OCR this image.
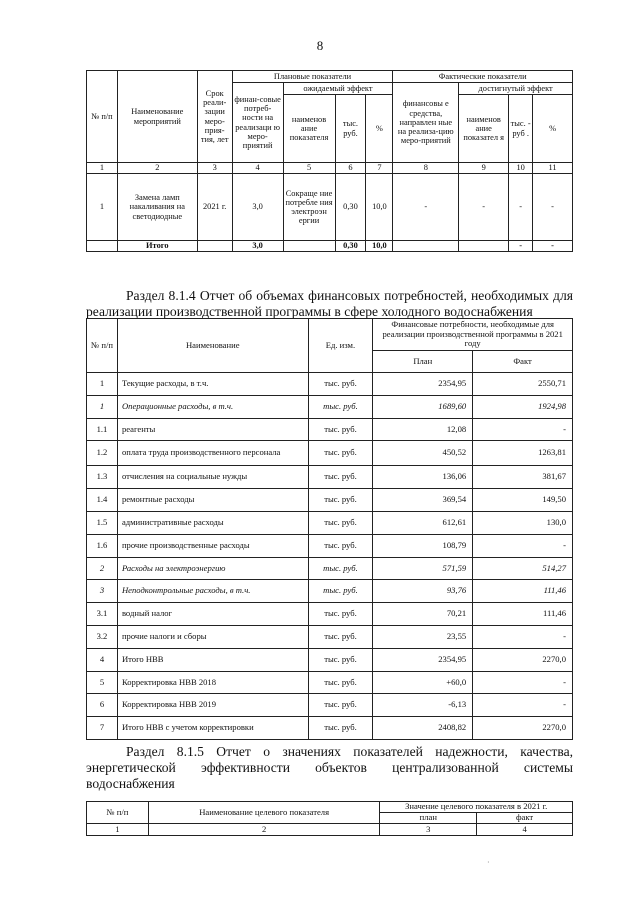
8
№ п/п	Наименование мероприятий	Срок реали-зации меро-прия-тия, лет	Плановые показатели				Фактические показатели			
			финан-совые потреб-ности на реализаци ю меро-приятий	ожидаемый эффект			финансовы е средства, направлен ные на реализа-цию меро-приятий	достигнутый эффект		
				наименов ание показателя	тыс. руб.	%		наименов ание показател я	тыс. - руб .	%
1	2	3	4	5	6	7	8	9	10	11
1	Замена ламп накаливания на светодиодные	2021 г.	3,0	Сокраще ние потребле ния электроэн ергии	0,30	10,0	-	-	-	-
	Итого		3,0		0,30	10,0			-	-
Раздел 8.1.4 Отчет об объемах финансовых потребностей, необходимых для реализации производственной программы в сфере холодного водоснабжения
№ п/п	Наименование	Ед. изм.	Финансовые потребности, необходимые для реализации производственной программы в 2021 году	
			План	Факт
1	Текущие расходы, в т.ч.	тыс. руб.	2354,95	2550,71
1	Операционные расходы, в т.ч.	тыс. руб.	1689,60	1924,98
1.1	реагенты	тыс. руб.	12,08	-
1.2	оплата труда производственного персонала	тыс. руб.	450,52	1263,81
1.3	отчисления на социальные нужды	тыс. руб.	136,06	381,67
1.4	ремонтные расходы	тыс. руб.	369,54	149,50
1.5	административные расходы	тыс. руб.	612,61	130,0
1.6	прочие производственные расходы	тыс. руб.	108,79	-
2	Расходы на электроэнергию	тыс. руб.	571,59	514,27
3	Неподконтрольные расходы, в т.ч.	тыс. руб.	93,76	111,46
3.1	водный налог	тыс. руб.	70,21	111,46
3.2	прочие налоги и сборы	тыс. руб.	23,55	-
4	Итого НВВ	тыс. руб.	2354,95	2270,0
5	Корректировка НВВ 2018	тыс. руб.	+60,0	-
6	Корректировка НВВ 2019	тыс. руб.	-6,13	-
7	Итого НВВ с учетом корректировки	тыс. руб.	2408,82	2270,0
Раздел 8.1.5 Отчет о значениях показателей надежности, качества, энергетической эффективности объектов централизованной системы водоснабжения
№ п/п	Наименование целевого показателя	Значение целевого показателя в 2021 г.	
		план	факт
1	2	3	4
·
